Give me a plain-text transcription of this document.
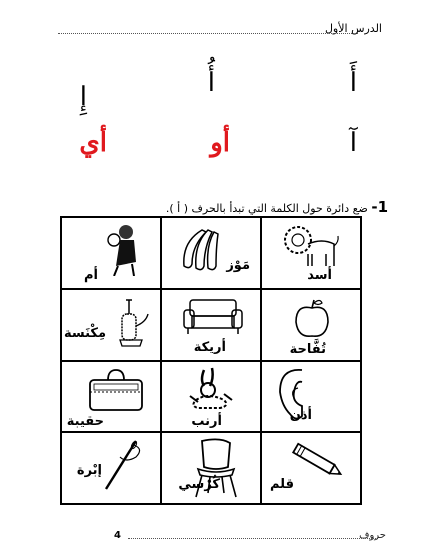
الدرس الأول
أَ
أُ
إِ
آ
أو
أي
1- ضع دائرة حول الكلمة التي تبدأ بالحرف ( أ ).
أسد
مَوْز
أم
تُفَّاحة
أريكة
مِكْنَسة
أذن
أرنب
حقيبة
قلم
كُرْسي
إبْرة
حروف
4
